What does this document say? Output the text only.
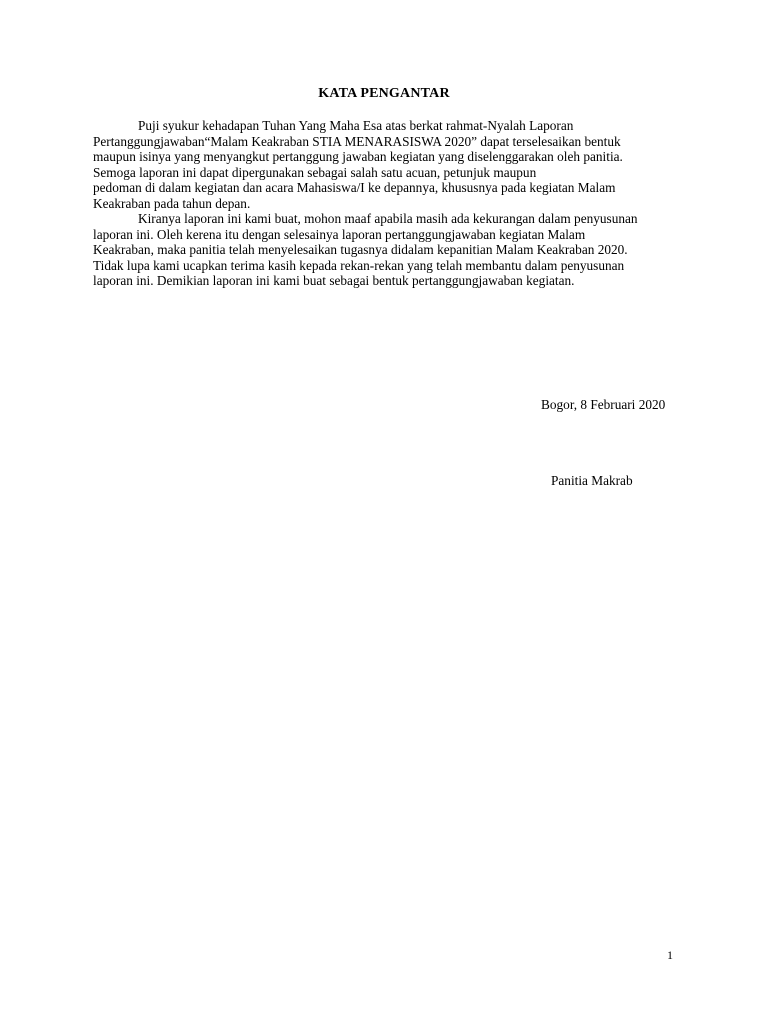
KATA PENGANTAR
Puji syukur kehadapan Tuhan Yang Maha Esa atas berkat rahmat-Nyalah Laporan
Pertanggungjawaban“Malam Keakraban STIA MENARASISWA 2020” dapat terselesaikan bentuk
maupun isinya yang menyangkut pertanggung jawaban kegiatan yang diselenggarakan oleh panitia.
Semoga laporan ini dapat dipergunakan sebagai salah satu acuan, petunjuk maupun
pedoman di dalam kegiatan dan acara Mahasiswa/I ke depannya, khususnya pada kegiatan Malam
Keakraban pada tahun depan.
Kiranya laporan ini kami buat, mohon maaf apabila masih ada kekurangan dalam penyusunan
laporan ini. Oleh kerena itu dengan selesainya laporan pertanggungjawaban kegiatan Malam
Keakraban, maka panitia telah menyelesaikan tugasnya didalam kepanitian Malam Keakraban 2020.
Tidak lupa kami ucapkan terima kasih kepada rekan-rekan yang telah membantu dalam penyusunan
laporan ini. Demikian laporan ini kami buat sebagai bentuk pertanggungjawaban kegiatan.
Bogor, 8 Februari 2020
Panitia Makrab
1
